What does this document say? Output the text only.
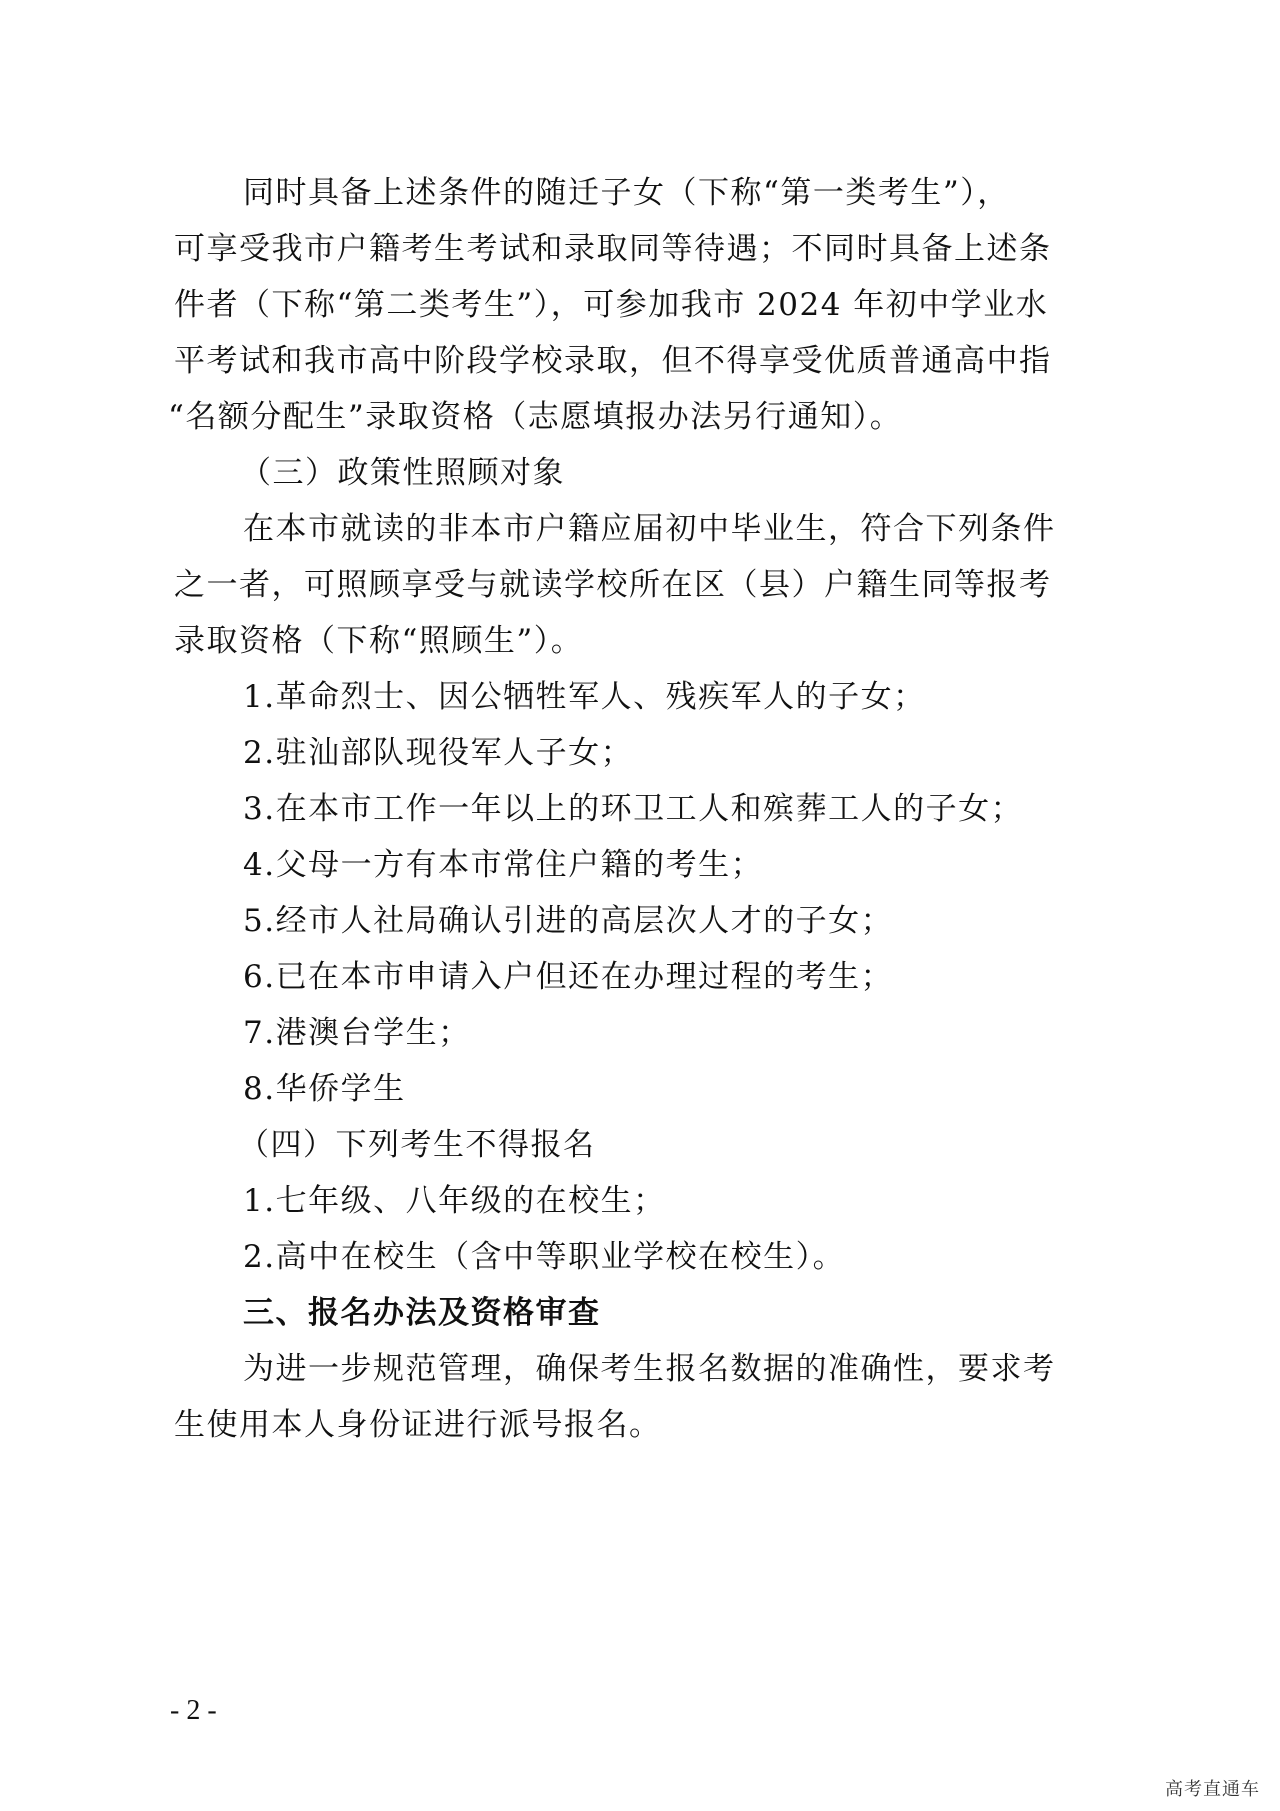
同时具备上述条件的随迁子女（下称“第一类考生”），
可享受我市户籍考生考试和录取同等待遇；不同时具备上述条
件者（下称“第二类考生”），可参加我市 2024 年初中学业水
平考试和我市高中阶段学校录取，但不得享受优质普通高中指
“名额分配生”录取资格（志愿填报办法另行通知）。
（三）政策性照顾对象
在本市就读的非本市户籍应届初中毕业生，符合下列条件
之一者，可照顾享受与就读学校所在区（县）户籍生同等报考
录取资格（下称“照顾生”）。
1.革命烈士、因公牺牲军人、残疾军人的子女；
2.驻汕部队现役军人子女；
3.在本市工作一年以上的环卫工人和殡葬工人的子女；
4.父母一方有本市常住户籍的考生；
5.经市人社局确认引进的高层次人才的子女；
6.已在本市申请入户但还在办理过程的考生；
7.港澳台学生；
8.华侨学生
（四）下列考生不得报名
1.七年级、八年级的在校生；
2.高中在校生（含中等职业学校在校生）。
三、报名办法及资格审查
为进一步规范管理，确保考生报名数据的准确性，要求考
生使用本人身份证进行派号报名。
- 2 -
高考直通车
